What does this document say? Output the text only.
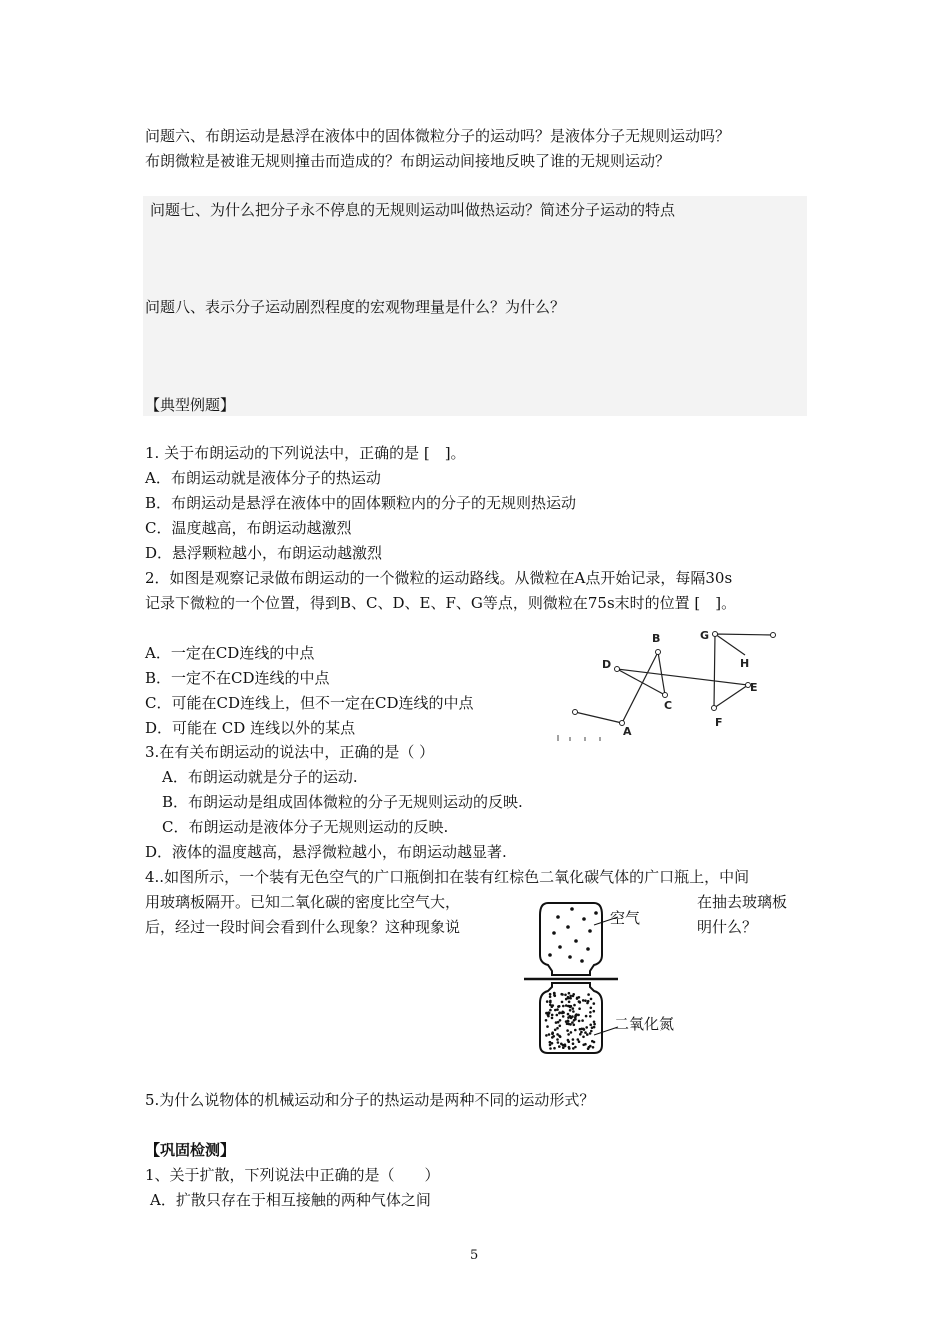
问题六、布朗运动是悬浮在液体中的固体微粒分子的运动吗？是液体分子无规则运动吗？
布朗微粒是被谁无规则撞击而造成的？布朗运动间接地反映了谁的无规则运动？
问题七、为什么把分子永不停息的无规则运动叫做热运动？简述分子运动的特点
问题八、表示分子运动剧烈程度的宏观物理量是什么？为什么？
【典型例题】
1. 关于布朗运动的下列说法中，正确的是 [　]。
A．布朗运动就是液体分子的热运动
B．布朗运动是悬浮在液体中的固体颗粒内的分子的无规则热运动
C．温度越高，布朗运动越激烈
D．悬浮颗粒越小，布朗运动越激烈
2．如图是观察记录做布朗运动的一个微粒的运动路线。从微粒在A点开始记录，每隔30s
记录下微粒的一个位置，得到B、C、D、E、F、G等点，则微粒在75s末时的位置 [　]。
A．一定在CD连线的中点
B．一定不在CD连线的中点
C．可能在CD连线上，但不一定在CD连线的中点
D．可能在 CD 连线以外的某点	A
B
C
D
E
F
G
H
3.在有关布朗运动的说法中，正确的是（ ）
A．布朗运动就是分子的运动.
B．布朗运动是组成固体微粒的分子无规则运动的反映.
C．布朗运动是液体分子无规则运动的反映.
D．液体的温度越高，悬浮微粒越小，布朗运动越显著.
4..如图所示，一个装有无色空气的广口瓶倒扣在装有红棕色二氧化碳气体的广口瓶上，中间
用玻璃板隔开。已知二氧化碳的密度比空气大，	在抽去玻璃板
后，经过一段时间会看到什么现象？这种现象说	明什么？
空气
二氧化氮
5.为什么说物体的机械运动和分子的热运动是两种不同的运动形式？
【巩固检测】
1、关于扩散，下列说法中正确的是（　　）
A．扩散只存在于相互接触的两种气体之间
5
